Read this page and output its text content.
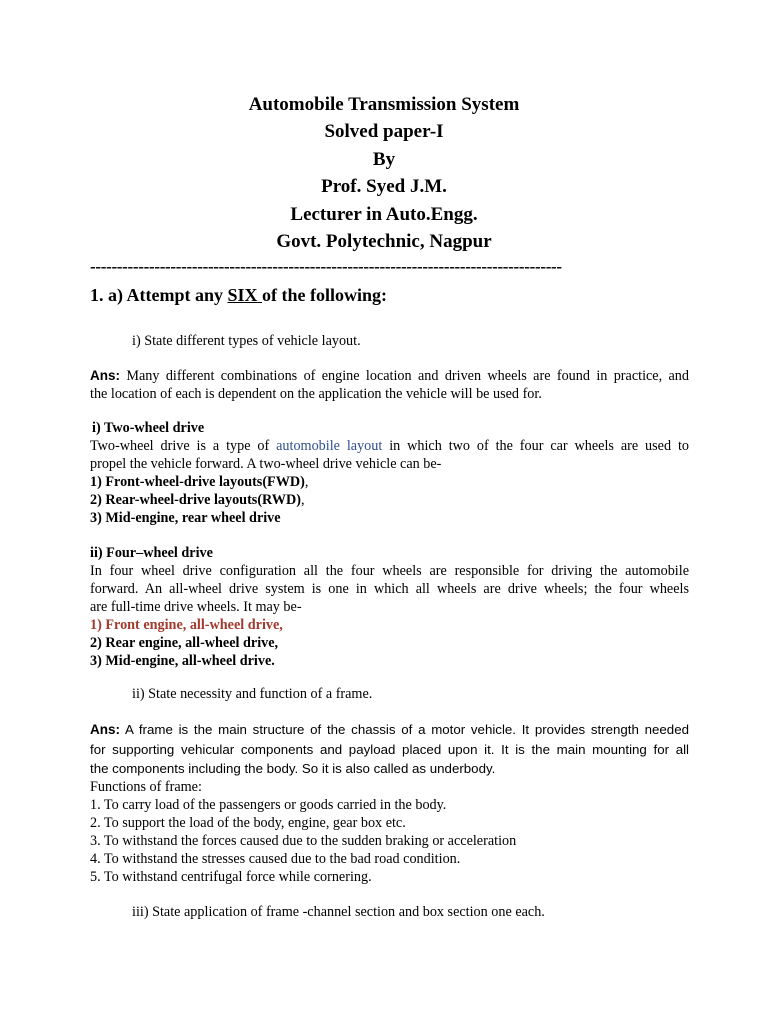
Automobile Transmission System
Solved paper-I
By
Prof. Syed J.M.
Lecturer in Auto.Engg.
Govt. Polytechnic, Nagpur
----------------------------------------------------------------------------------------
1. a) Attempt any SIX of the following:
i) State different types of vehicle layout.
Ans: Many different combinations of engine location and driven wheels are found in practice, and
the location of each is dependent on the application the vehicle will be used for.
i) Two-wheel drive
Two-wheel drive is a type of automobile layout in which two of the four car wheels are used to
propel the vehicle forward. A two-wheel drive vehicle can be-
1) Front-wheel-drive layouts(FWD),
2) Rear-wheel-drive layouts(RWD),
3) Mid-engine, rear wheel drive
ii) Four–wheel drive
In four wheel drive configuration all the four wheels are responsible for driving the automobile
forward. An all-wheel drive system is one in which all wheels are drive wheels; the four wheels
are full-time drive wheels. It may be-
1) Front engine, all-wheel drive,
2) Rear engine, all-wheel drive,
3) Mid-engine, all-wheel drive.
ii) State necessity and function of a frame.
Ans: A frame is the main structure of the chassis of a motor vehicle. It provides strength needed
for supporting vehicular components and payload placed upon it. It is the main mounting for all
the components including the body. So it is also called as underbody.
Functions of frame:
1. To carry load of the passengers or goods carried in the body.
2. To support the load of the body, engine, gear box etc.
3. To withstand the forces caused due to the sudden braking or acceleration
4. To withstand the stresses caused due to the bad road condition.
5. To withstand centrifugal force while cornering.
iii) State application of frame -channel section and box section one each.
